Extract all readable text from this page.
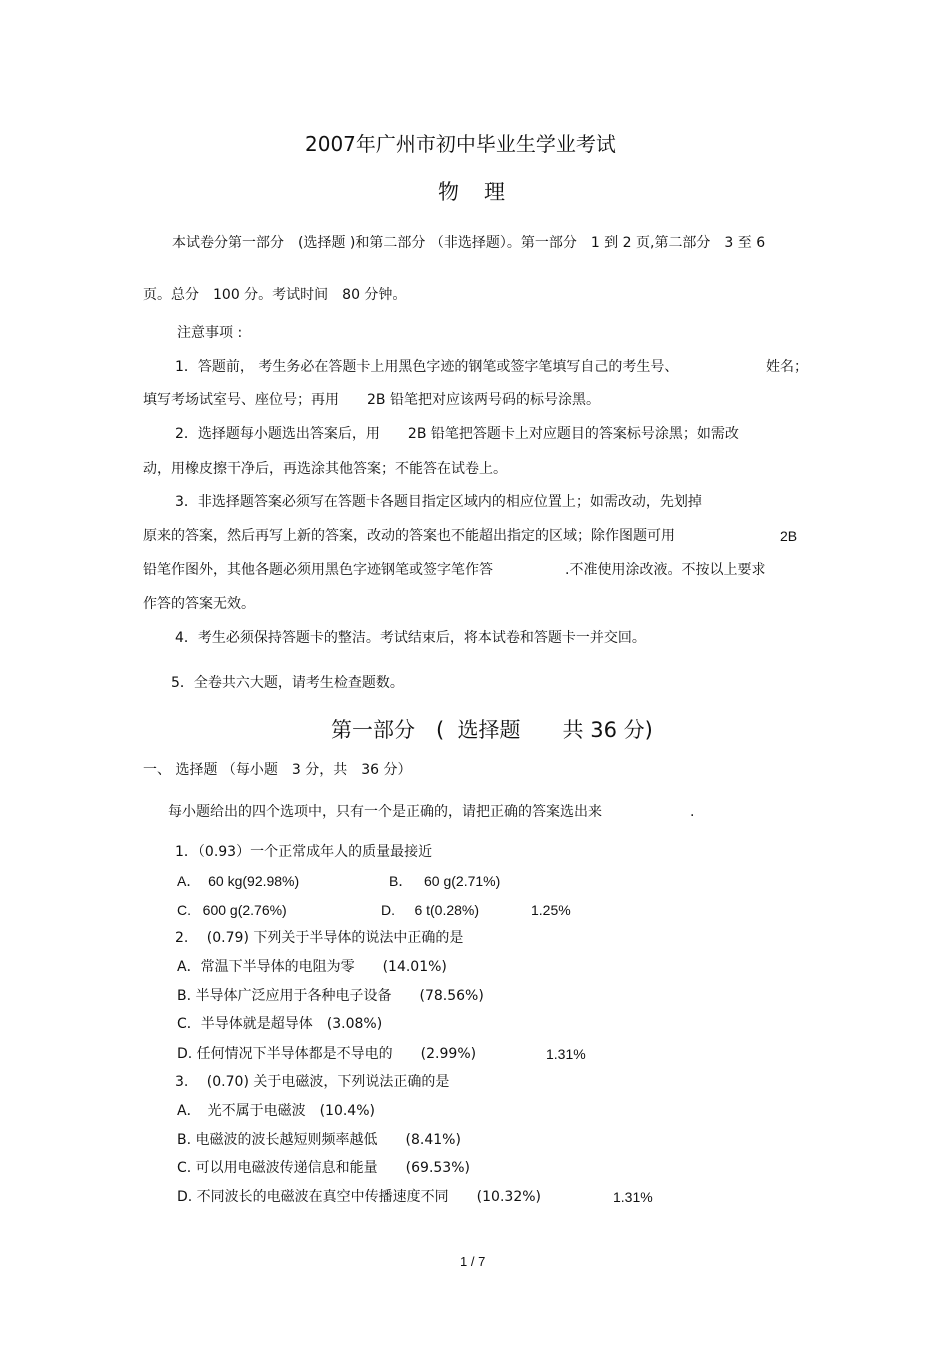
2007年广州市初中毕业生学业考试
物　理
本试卷分第一部分　(选择题 )和第二部分 （非选择题）。第一部分　1 到 2 页,第二部分　3 至 6
页。总分　100 分。考试时间　80 分钟。
注意事项 :
1．答题前， 考生务必在答题卡上用黑色字迹的钢笔或签字笔填写自己的考生号、	姓名；
填写考场试室号、座位号；再用　　2B 铅笔把对应该两号码的标号涂黑。
2．选择题每小题选出答案后，用　　2B 铅笔把答题卡上对应题目的答案标号涂黑；如需改
动，用橡皮擦干净后，再选涂其他答案；不能答在试卷上。
3．非选择题答案必须写在答题卡各题目指定区域内的相应位置上；如需改动，先划掉
原来的答案，然后再写上新的答案，改动的答案也不能超出指定的区域；除作图题可用	2B
铅笔作图外，其他各题必须用黑色字迹钢笔或签字笔作答	.不准使用涂改液。不按以上要求
作答的答案无效。
4．考生必须保持答题卡的整洁。考试结束后，将本试卷和答题卡一并交回。
5．全卷共六大题，请考生检查题数。
第一部分　(  选择题　　共 36 分)
一、 选择题 （每小题　3 分，共　36 分）
每小题给出的四个选项中，只有一个是正确的，请把正确的答案选出来	.
1．（0.93）一个正常成年人的质量最接近
A．  60 kg(92.98%)	B．   60 g(2.71%)
C.   600 g(2.76%)	D.     6 t(0.28%)	1.25%
2.　 (0.79) 下列关于半导体的说法中正确的是
A．常温下半导体的电阻为零　　(14.01%)
B. 半导体广泛应用于各种电子设备　　(78.56%)
C．半导体就是超导体　(3.08%)
D. 任何情况下半导体都是不导电的　　(2.99%)	1.31%
3.　 (0.70) 关于电磁波，下列说法正确的是
A．　光不属于电磁波　(10.4%)
B. 电磁波的波长越短则频率越低　　(8.41%)
C. 可以用电磁波传递信息和能量　　(69.53%)
D. 不同波长的电磁波在真空中传播速度不同　　(10.32%)	1.31%
1 / 7
